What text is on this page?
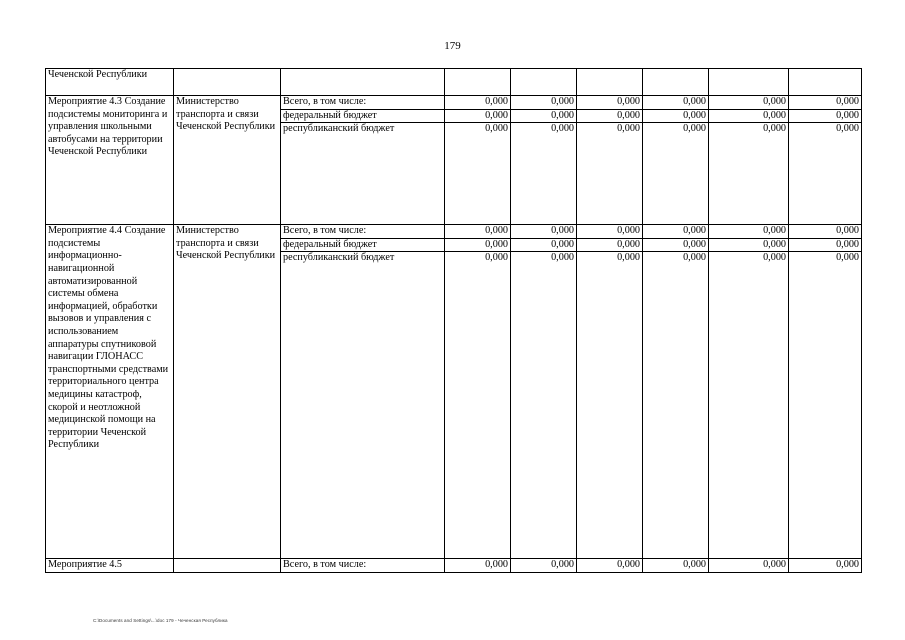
179
Чеченской Республики								
Мероприятие 4.3 Создание подсистемы мониторинга и управления школьными автобусами на территории Чеченской Республики	Министерство транспорта и связи Чеченской Республики	Всего, в том числе:	0,000	0,000	0,000	0,000	0,000	0,000
		федеральный бюджет	0,000	0,000	0,000	0,000	0,000	0,000
		республиканский бюджет	0,000	0,000	0,000	0,000	0,000	0,000
Мероприятие 4.4 Создание подсистемы информационно-навигационной автоматизированной системы обмена информацией, обработки вызовов и управления с использованием аппаратуры спутниковой навигации ГЛОНАСС транспортными средствами территориального центра медицины катастроф, скорой и неотложной медицинской помощи на территории Чеченской Республики	Министерство транспорта и связи Чеченской Республики	Всего, в том числе:	0,000	0,000	0,000	0,000	0,000	0,000
		федеральный бюджет	0,000	0,000	0,000	0,000	0,000	0,000
		республиканский бюджет	0,000	0,000	0,000	0,000	0,000	0,000
Мероприятие 4.5		Всего, в том числе:	0,000	0,000	0,000	0,000	0,000	0,000
C:\Documents and Settings\...\doc 179 - Чеченская Республика
